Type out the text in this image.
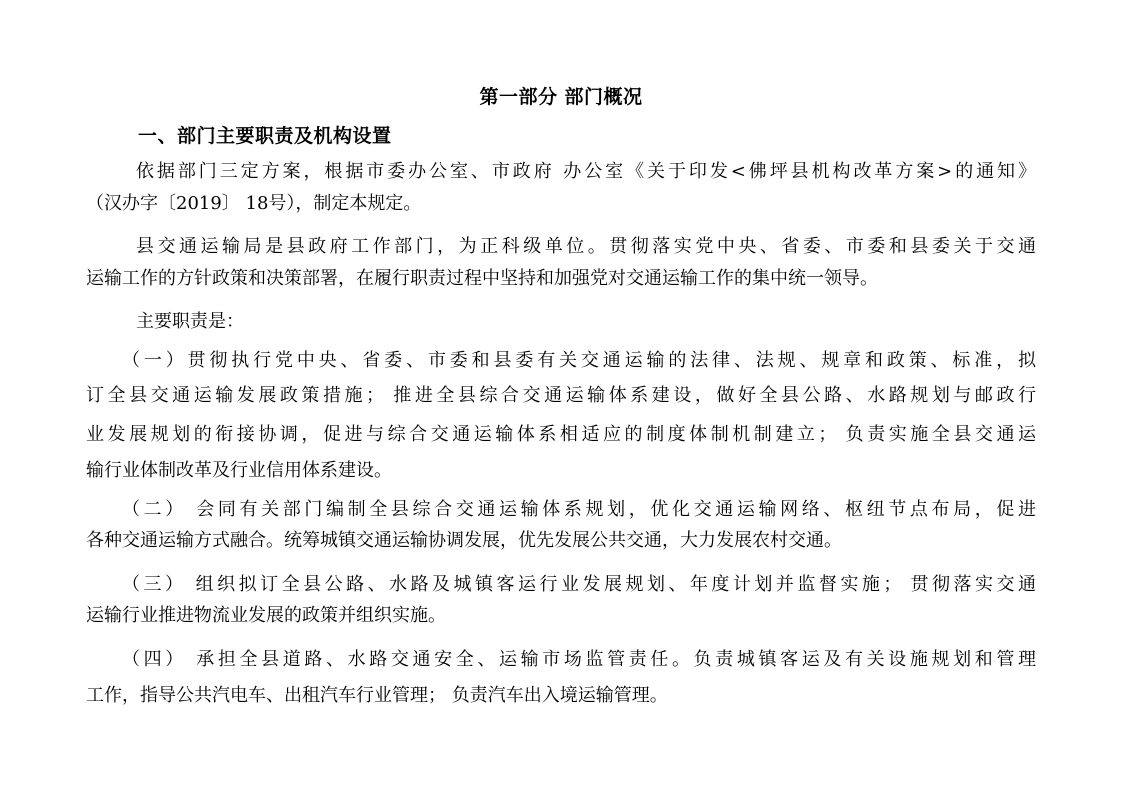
第一部分 部门概况
一、部门主要职责及机构设置
依据部门三定方案，根据市委办公室、市政府 办公室《关于印发<佛坪县机构改革方案>的通知》
（汉办字〔2019〕 18号），制定本规定。
县交通运输局是县政府工作部门，为正科级单位。贯彻落实党中央、省委、市委和县委关于交通
运输工作的方针政策和决策部署，在履行职责过程中坚持和加强党对交通运输工作的集中统一领导。
主要职责是：
（一）贯彻执行党中央、省委、市委和县委有关交通运输的法律、法规、规章和政策、标准，拟
订全县交通运输发展政策措施； 推进全县综合交通运输体系建设，做好全县公路、水路规划与邮政行
业发展规划的衔接协调，促进与综合交通运输体系相适应的制度体制机制建立； 负责实施全县交通运
输行业体制改革及行业信用体系建设。
（二） 会同有关部门编制全县综合交通运输体系规划，优化交通运输网络、枢纽节点布局，促进
各种交通运输方式融合。统筹城镇交通运输协调发展，优先发展公共交通，大力发展农村交通。
（三） 组织拟订全县公路、水路及城镇客运行业发展规划、年度计划并监督实施； 贯彻落实交通
运输行业推进物流业发展的政策并组织实施。
（四） 承担全县道路、水路交通安全、运输市场监管责任。负责城镇客运及有关设施规划和管理
工作，指导公共汽电车、出租汽车行业管理； 负责汽车出入境运输管理。
